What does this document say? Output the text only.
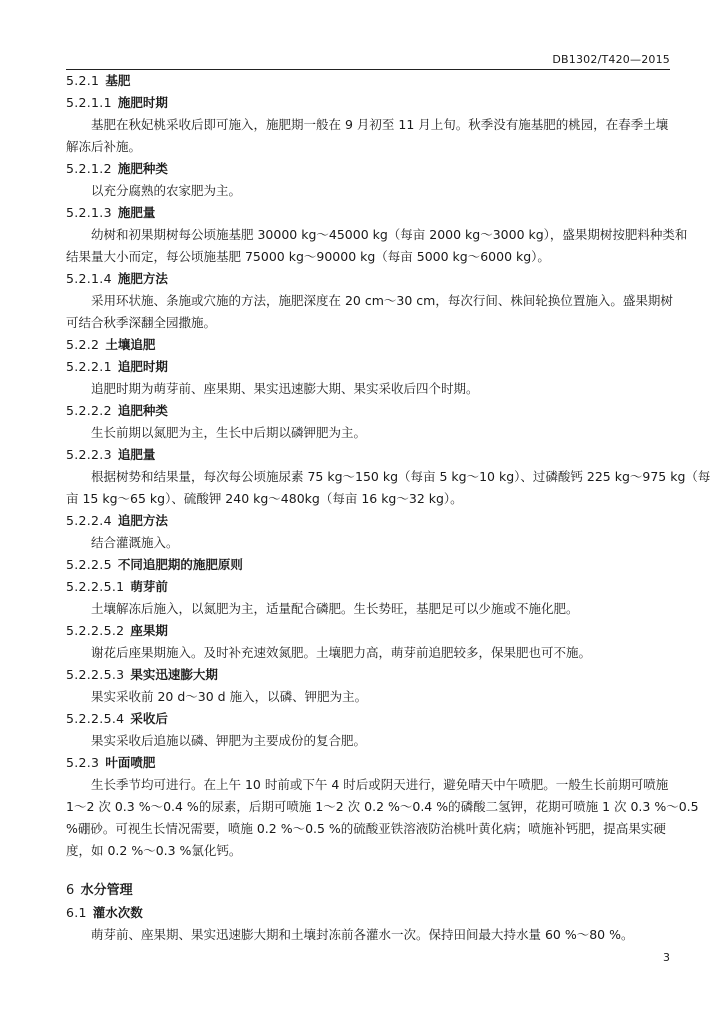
DB1302/T420—2015
5.2.1 基肥
5.2.1.1 施肥时期
基肥在秋妃桃采收后即可施入，施肥期一般在 9 月初至 11 月上旬。秋季没有施基肥的桃园，在春季土壤
解冻后补施。
5.2.1.2 施肥种类
以充分腐熟的农家肥为主。
5.2.1.3 施肥量
幼树和初果期树每公顷施基肥 30000 kg～45000 kg（每亩 2000 kg～3000 kg），盛果期树按肥料种类和
结果量大小而定，每公顷施基肥 75000 kg～90000 kg（每亩 5000 kg～6000 kg）。
5.2.1.4 施肥方法
采用环状施、条施或穴施的方法，施肥深度在 20 cm～30 cm，每次行间、株间轮换位置施入。盛果期树
可结合秋季深翻全园撒施。
5.2.2 土壤追肥
5.2.2.1 追肥时期
追肥时期为萌芽前、座果期、果实迅速膨大期、果实采收后四个时期。
5.2.2.2 追肥种类
生长前期以氮肥为主，生长中后期以磷钾肥为主。
5.2.2.3 追肥量
根据树势和结果量，每次每公顷施尿素 75 kg～150 kg（每亩 5 kg～10 kg）、过磷酸钙 225 kg～975 kg（每
亩 15 kg～65 kg）、硫酸钾 240 kg～480kg（每亩 16 kg～32 kg）。
5.2.2.4 追肥方法
结合灌溉施入。
5.2.2.5 不同追肥期的施肥原则
5.2.2.5.1 萌芽前
土壤解冻后施入，以氮肥为主，适量配合磷肥。生长势旺，基肥足可以少施或不施化肥。
5.2.2.5.2 座果期
谢花后座果期施入。及时补充速效氮肥。土壤肥力高，萌芽前追肥较多，保果肥也可不施。
5.2.2.5.3 果实迅速膨大期
果实采收前 20 d～30 d 施入，以磷、钾肥为主。
5.2.2.5.4 采收后
果实采收后追施以磷、钾肥为主要成份的复合肥。
5.2.3 叶面喷肥
生长季节均可进行。在上午 10 时前或下午 4 时后或阴天进行，避免晴天中午喷肥。一般生长前期可喷施
1～2 次 0.3 %～0.4 %的尿素，后期可喷施 1～2 次 0.2 %～0.4 %的磷酸二氢钾，花期可喷施 1 次 0.3 %～0.5
%硼砂。可视生长情况需要，喷施 0.2 %～0.5 %的硫酸亚铁溶液防治桃叶黄化病；喷施补钙肥，提高果实硬
度，如 0.2 %～0.3 %氯化钙。
6 水分管理
6.1 灌水次数
萌芽前、座果期、果实迅速膨大期和土壤封冻前各灌水一次。保持田间最大持水量 60 %～80 %。
3
